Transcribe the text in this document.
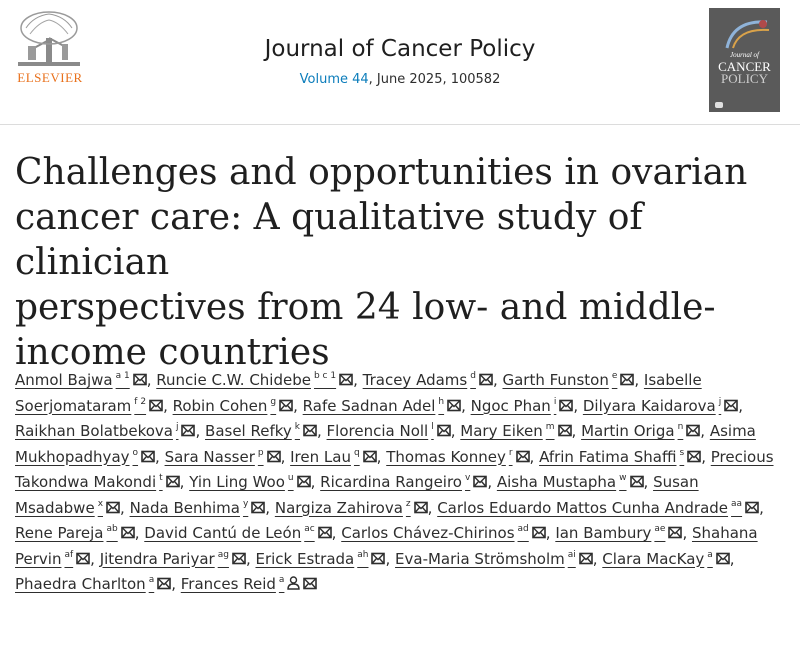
ELSEVIER
Journal of Cancer Policy
Volume 44, June 2025, 100582
Journal of
CANCER
POLICY
Challenges and opportunities in ovarian
cancer care: A qualitative study of clinician
perspectives from 24 low- and middle-
income countries
Anmol Bajwa $^{a 1}$ , Runcie C.W. Chidebe $^{b c 1}$ , Tracey Adams $^d$ , Garth Funston $^e$ , Isabelle Soerjomataram $^{f 2}$ , Robin Cohen $^g$ , Rafe Sadnan Adel $^h$ , Ngoc Phan $^i$ , Dilyara Kaidarova $^j$ , Raikhan Bolatbekova $^j$ , Basel Refky $^k$ , Florencia Noll $^l$ , Mary Eiken $^m$ , Martin Origa $^n$ , Asima Mukhopadhyay $^o$ , Sara Nasser $^p$ , Iren Lau $^q$ , Thomas Konney $^r$ , Afrin Fatima Shaffi $^s$ , Precious Takondwa Makondi $^t$ , Yin Ling Woo $^u$ , Ricardina Rangeiro $^v$ , Aisha Mustapha $^w$ , Susan Msadabwe $^x$ , Nada Benhima $^y$ , Nargiza Zahirova $^z$ , Carlos Eduardo Mattos Cunha Andrade $^{aa}$ , Rene Pareja $^{ab}$ , David Cantú de León $^{ac}$ , Carlos Chávez-Chirinos $^{ad}$ , Ian Bambury $^{ae}$ , Shahana Pervin $^{af}$ , Jitendra Pariyar $^{ag}$ , Erick Estrada $^{ah}$ , Eva-Maria Strömsholm $^{ai}$ , Clara MacKay $^a$ , Phaedra Charlton $^a$ , Frances Reid $^a$
